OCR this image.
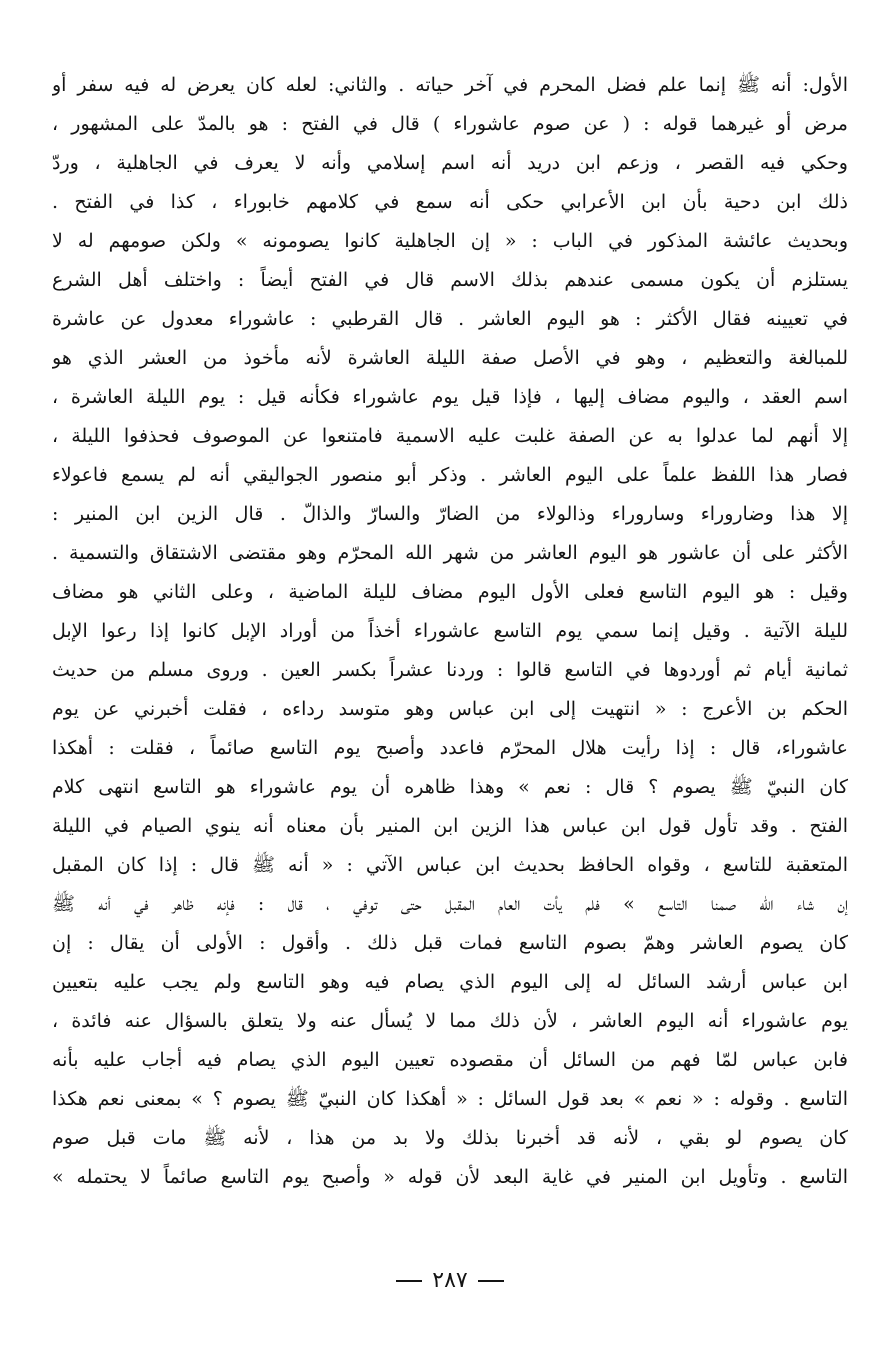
الأول: أنه ﷺ إنما علم فضل المحرم في آخر حياته . والثاني: لعله كان يعرض له فيه سفر أو
مرض أو غيرهما قوله : ( عن صوم عاشوراء ) قال في الفتح : هو بالمدّ على المشهور ،
وحكي فيه القصر ، وزعم ابن دريد أنه اسم إسلامي وأنه لا يعرف في الجاهلية ، وردّ
ذلك ابن دحية بأن ابن الأعرابي حكى أنه سمع في كلامهم خابوراء ، كذا في الفتح .
وبحديث عائشة المذكور في الباب : « إن الجاهلية كانوا يصومونه » ولكن صومهم له لا
يستلزم أن يكون مسمى عندهم بذلك الاسم قال في الفتح أيضاً : واختلف أهل الشرع
في تعيينه فقال الأكثر : هو اليوم العاشر . قال القرطبي : عاشوراء معدول عن عاشرة
للمبالغة والتعظيم ، وهو في الأصل صفة الليلة العاشرة لأنه مأخوذ من العشر الذي هو
اسم العقد ، واليوم مضاف إليها ، فإذا قيل يوم عاشوراء فكأنه قيل : يوم الليلة العاشرة ،
إلا أنهم لما عدلوا به عن الصفة غلبت عليه الاسمية فامتنعوا عن الموصوف فحذفوا الليلة ،
فصار هذا اللفظ علماً على اليوم العاشر . وذكر أبو منصور الجواليقي أنه لم يسمع فاعولاء
إلا هذا وضاروراء وساروراء وذالولاء من الضارّ والسارّ والذالّ . قال الزين ابن المنير :
الأكثر على أن عاشور هو اليوم العاشر من شهر الله المحرّم وهو مقتضى الاشتقاق والتسمية .
وقيل : هو اليوم التاسع فعلى الأول اليوم مضاف لليلة الماضية ، وعلى الثاني هو مضاف
لليلة الآتية . وقيل إنما سمي يوم التاسع عاشوراء أخذاً من أوراد الإبل كانوا إذا رعوا الإبل
ثمانية أيام ثم أوردوها في التاسع قالوا : وردنا عشراً بكسر العين . وروى مسلم من حديث
الحكم بن الأعرج : « انتهيت إلى ابن عباس وهو متوسد رداءه ، فقلت أخبرني عن يوم
عاشوراء، قال : إذا رأيت هلال المحرّم فاعدد وأصبح يوم التاسع صائماً ، فقلت : أهكذا
كان النبيّ ﷺ يصوم ؟ قال : نعم » وهذا ظاهره أن يوم عاشوراء هو التاسع انتهى كلام
الفتح . وقد تأول قول ابن عباس هذا الزين ابن المنير بأن معناه أنه ينوي الصيام في الليلة
المتعقبة للتاسع ، وقواه الحافظ بحديث ابن عباس الآتي : « أنه ﷺ قال : إذا كان المقبل
إن شاء الله صمنا التاسع » فلم يأت العام المقبل حتى توفي ، قال : فإنه ظاهر في أنه ﷺ
كان يصوم العاشر وهمّ بصوم التاسع فمات قبل ذلك . وأقول : الأولى أن يقال : إن
ابن عباس أرشد السائل له إلى اليوم الذي يصام فيه وهو التاسع ولم يجب عليه بتعيين
يوم عاشوراء أنه اليوم العاشر ، لأن ذلك مما لا يُسأل عنه ولا يتعلق بالسؤال عنه فائدة ،
فابن عباس لمّا فهم من السائل أن مقصوده تعيين اليوم الذي يصام فيه أجاب عليه بأنه
التاسع . وقوله : « نعم » بعد قول السائل : « أهكذا كان النبيّ ﷺ يصوم ؟ » بمعنى نعم هكذا
كان يصوم لو بقي ، لأنه قد أخبرنا بذلك ولا بد من هذا ، لأنه ﷺ مات قبل صوم
التاسع . وتأويل ابن المنير في غاية البعد لأن قوله « وأصبح يوم التاسع صائماً لا يحتمله »
٢٨٧
